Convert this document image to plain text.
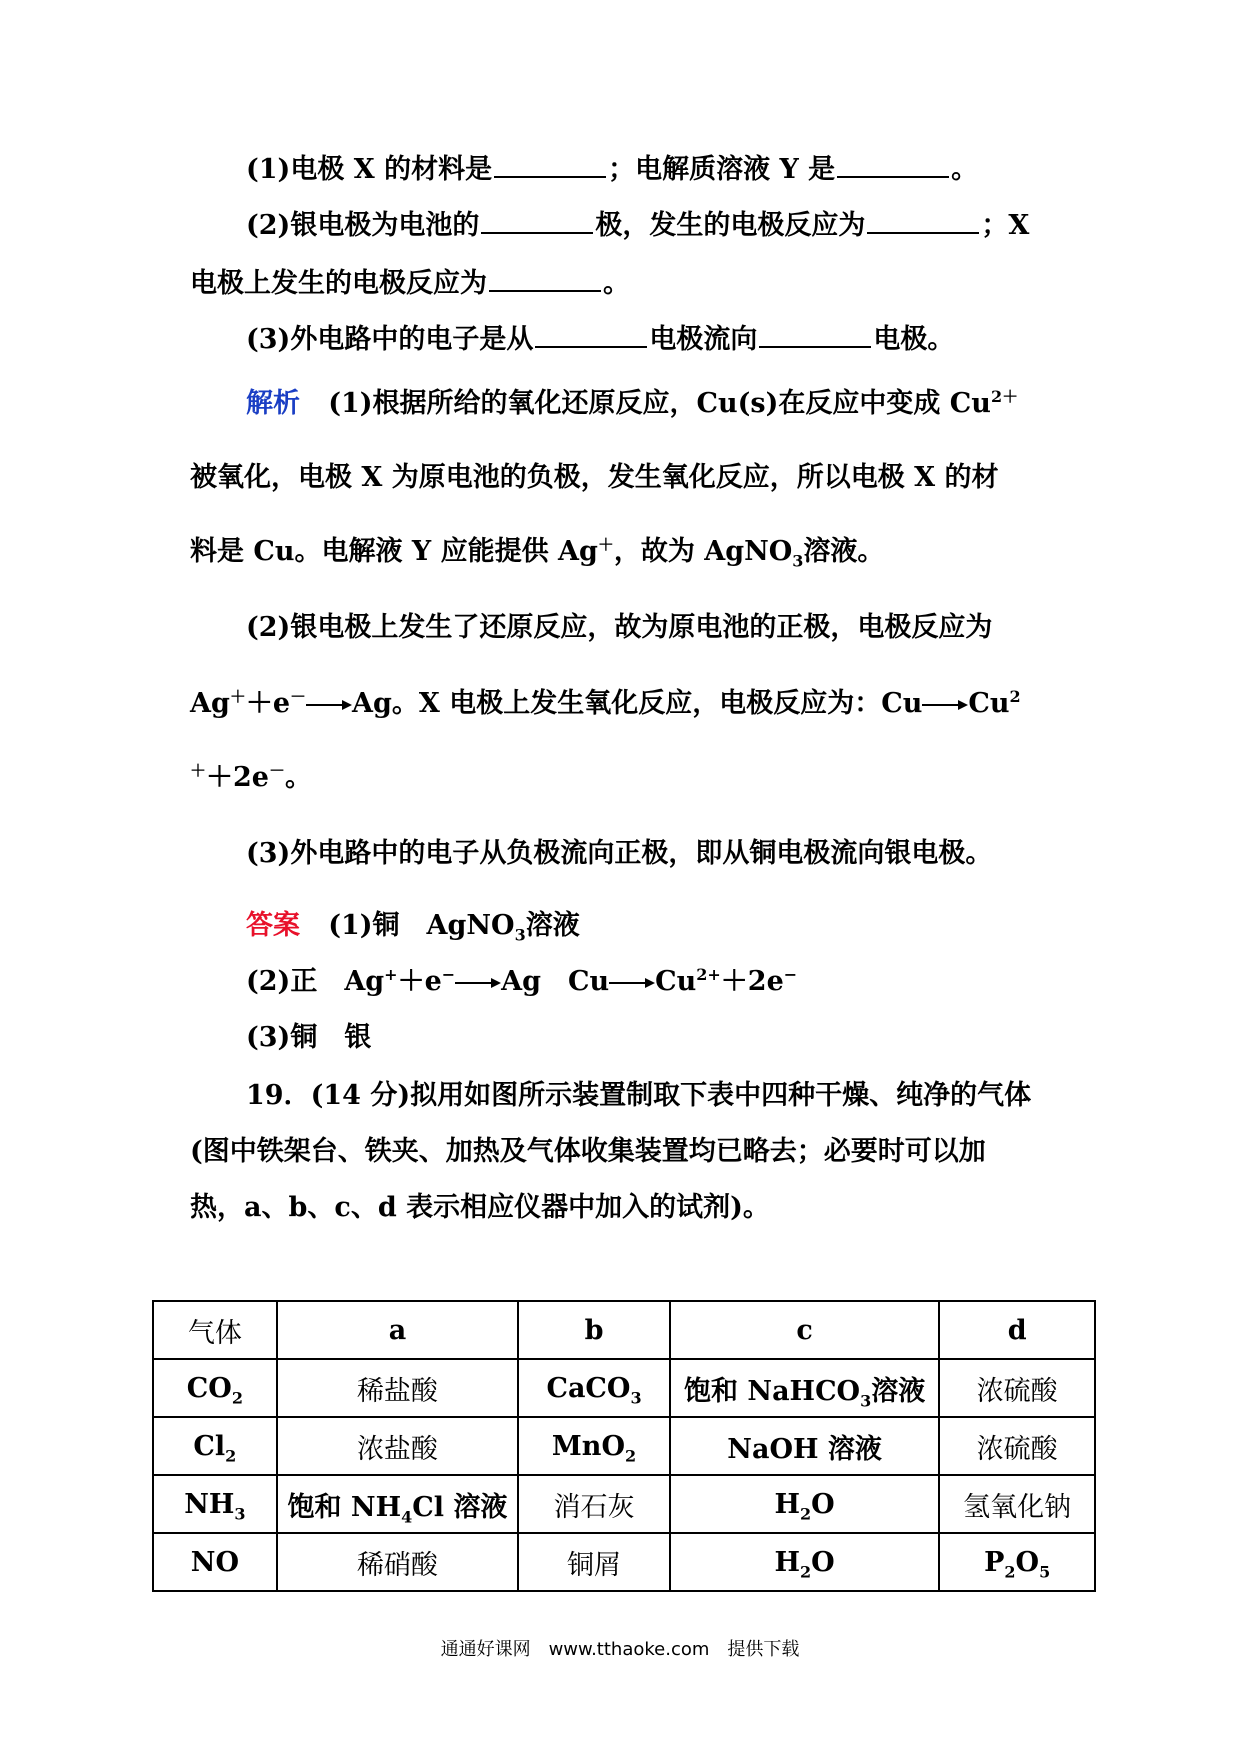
(1)电极 X 的材料是	；电解质溶液 Y 是	。
(2)银电极为电池的	极，发生的电极反应为	；X
电极上发生的电极反应为	。
(3)外电路中的电子是从	电极流向	电极。
解析 (1)根据所给的氧化还原反应，Cu(s)在反应中变成 $Cu^{2+}$
被氧化，电极 X 为原电池的负极，发生氧化反应，所以电极 X 的材
料是 Cu。电解液 Y 应能提供 Ag＋，故为 AgNO$_3$溶液。
(2)银电极上发生了还原反应，故为原电池的正极，电极反应为
Ag＋＋e－ Ag。X 电极上发生氧化反应，电极反应为：Cu Cu$^2$
＋＋2e－。
(3)外电路中的电子从负极流向正极，即从铜电极流向银电极。
答案 (1)铜　AgNO$_3$溶液
(2)正　Ag+＋e− Ag　Cu $Cu^{2+}+2e^-$
(3)铜　银
19．(14 分)拟用如图所示装置制取下表中四种干燥、纯净的气体
(图中铁架台、铁夹、加热及气体收集装置均已略去；必要时可以加
热，a、b、c、d 表示相应仪器中加入的试剂)。
气体	a	b	c	d
$CO_2$	稀盐酸	CaCO$_3$	饱和 NaHCO$_3$溶液	浓硫酸
$Cl_2$	浓盐酸	MnO$_2$	NaOH 溶液	浓硫酸
$NH_3$	饱和 $NH_4Cl$ 溶液	消石灰	$H_2O$	氢氧化钠
NO	稀硝酸	铜屑	$H_2O$	$P_2O_5$
通通好课网　www.tthaoke.com　提供下载
